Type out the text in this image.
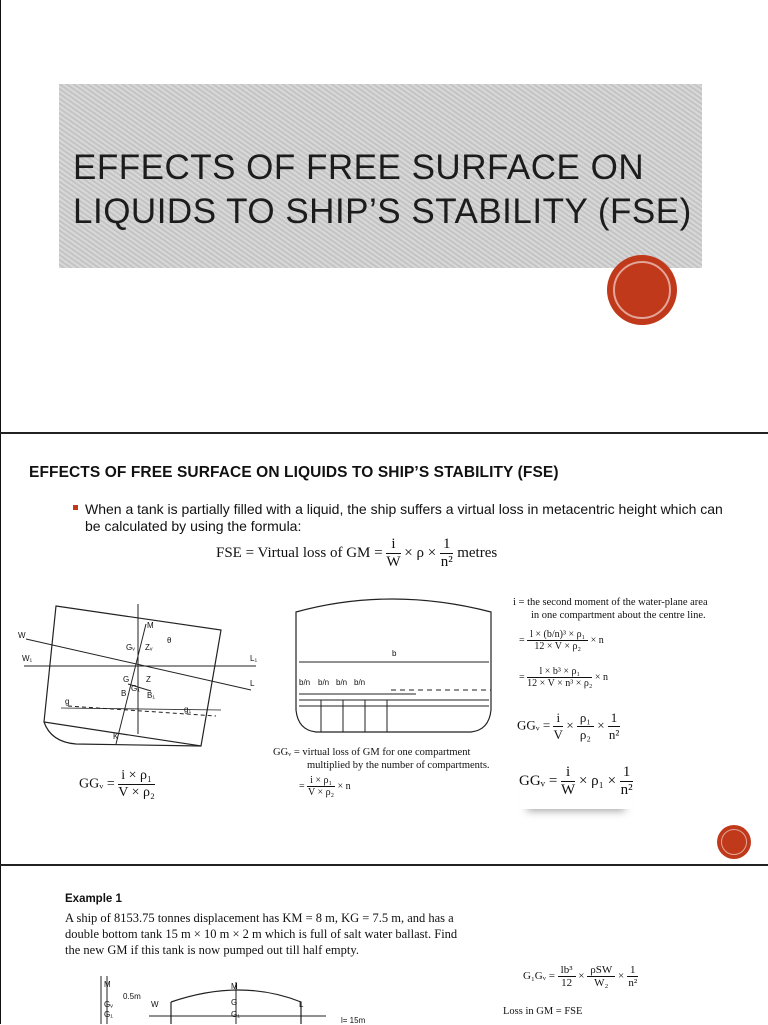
EFFECTS OF FREE SURFACE ON
LIQUIDS TO SHIP’S STABILITY (FSE)
EFFECTS OF FREE SURFACE ON LIQUIDS TO SHIP’S STABILITY (FSE)
When a tank is partially filled with a liquid, the ship suffers a virtual loss in metacentric height which can be calculated by using the formula:
FSE = Virtual loss of GM = $\frac{i}{W} \times \rho \times \frac{1}{\text{n²}}$ metres
W
W₁
M
θ
Gᵥ Zᵥ
L₁
L
G Z
B	B₁
G₁
g
g₁
K
GGᵥ = $\frac{\text{i × ρ₁}}{\text{V × ρ₂}}$
b
b/n b/n b/n b/n
GGᵥ = virtual loss of GM for one compartment
multiplied by the number of compartments.
= $\frac{\text{i × ρ₁}}{\text{V × ρ₂}} \times n$
i = the second moment of the water-plane area
in one compartment about the centre line.
= $\frac{\text{l × (b/n)³ × ρ₁}}{\text{12 × V × ρ₂}} \times n$
= $\frac{\text{l × b³ × ρ₁}}{\text{12 × V × n³ × ρ₂}} \times n$
GGᵥ = $\frac{i}{V} \times \frac{\text{ρ₁}}{\text{ρ₂}} \times \frac{1}{\text{n²}}$
GGᵥ = $\frac{i}{W} \times \rho_1 \times \frac{1}{\text{n²}}$
Example 1
A ship of 8153.75 tonnes displacement has KM = 8 m, KG = 7.5 m, and has a
double bottom tank 15 m × 10 m × 2 m which is full of salt water ballast. Find
the new GM if this tank is now pumped out till half empty.
M
0.5m
W
Gᵥ
G₁
M
G
G₁
L
l= 15m
G₁Gᵥ = $\frac{\text{lb³}}{12} \times \frac{\text{ρSW}}{\text{W₂}} \times \frac{1}{\text{n²}}$
Loss in GM = FSE
